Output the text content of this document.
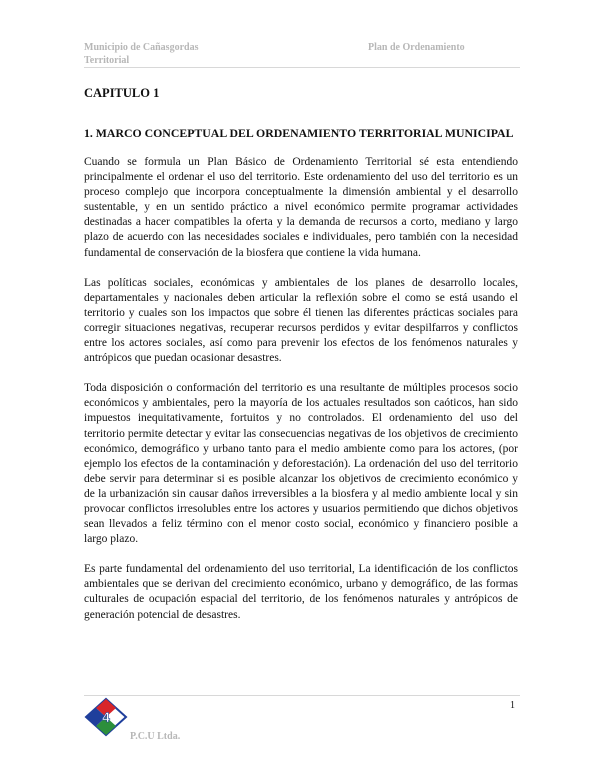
Municipio de Cañasgordas
Territorial
Plan de Ordenamiento

CAPITULO 1

1. MARCO CONCEPTUAL DEL ORDENAMIENTO TERRITORIAL MUNICIPAL

Cuando se formula un Plan Básico de Ordenamiento Territorial sé esta entendiendo principalmente el ordenar el uso del territorio. Este ordenamiento del uso del territorio es un proceso complejo que incorpora conceptualmente la dimensión ambiental y el desarrollo sustentable, y en un sentido práctico a nivel económico permite programar actividades destinadas a hacer compatibles la oferta y la demanda de recursos a corto, mediano y largo plazo de acuerdo con las necesidades sociales e individuales, pero también con la necesidad fundamental de conservación de la biosfera que contiene la vida humana.

Las políticas sociales, económicas y ambientales de los planes de desarrollo locales, departamentales y nacionales deben articular la reflexión sobre el como se está usando el territorio y cuales son los impactos que sobre él tienen las diferentes prácticas sociales para corregir situaciones negativas, recuperar recursos perdidos y evitar despilfarros y conflictos entre los actores sociales, así como para prevenir los efectos de los fenómenos naturales y antrópicos que puedan ocasionar desastres.

Toda disposición o conformación del territorio es una resultante de múltiples procesos socio económicos y ambientales, pero la mayoría de los actuales resultados son caóticos, han sido impuestos inequitativamente, fortuitos y no controlados. El ordenamiento del uso del territorio permite detectar y evitar las consecuencias negativas de los objetivos de crecimiento económico, demográfico y urbano tanto para el medio ambiente como para los actores, (por ejemplo los efectos de la contaminación y deforestación). La ordenación del uso del territorio debe servir para determinar si es posible alcanzar los objetivos de crecimiento económico y de la urbanización sin causar daños irreversibles a la biosfera y al medio ambiente local y sin provocar conflictos irresolubles entre los actores y usuarios permitiendo que dichos objetivos sean llevados a feliz término con el menor costo social, económico y financiero posible a largo plazo.

Es parte fundamental del ordenamiento del uso territorial, La identificación de los conflictos ambientales que se derivan del crecimiento económico, urbano y demográfico, de las formas culturales de ocupación espacial del territorio, de los fenómenos naturales y antrópicos de generación potencial de desastres.

1
4
P.C.U Ltda.
